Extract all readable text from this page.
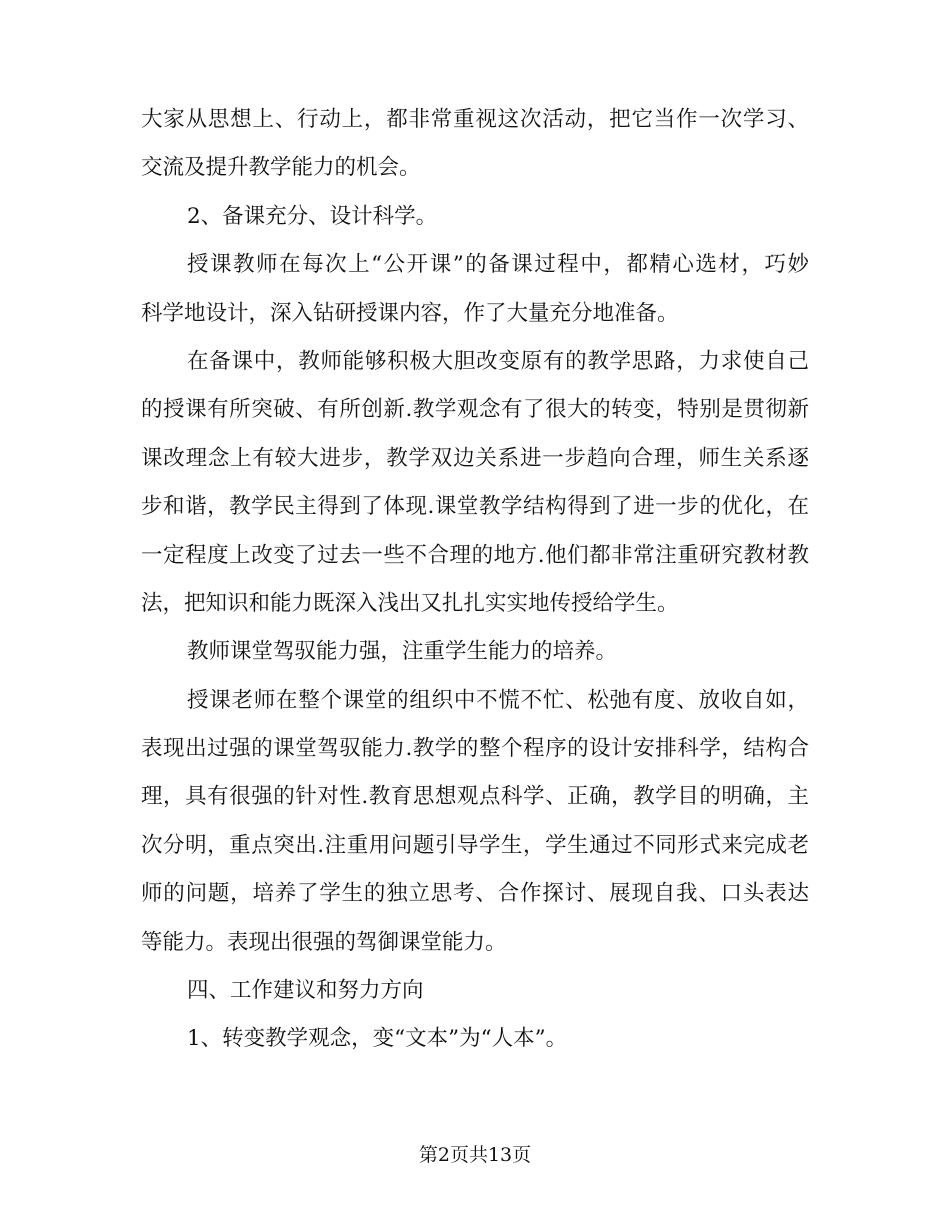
大家从思想上、行动上，都非常重视这次活动，把它当作一次学习、
交流及提升教学能力的机会。
2、备课充分、设计科学。
授课教师在每次上“公开课”的备课过程中，都精心选材，巧妙
科学地设计，深入钻研授课内容，作了大量充分地准备。
在备课中，教师能够积极大胆改变原有的教学思路，力求使自己
的授课有所突破、有所创新.教学观念有了很大的转变，特别是贯彻新
课改理念上有较大进步，教学双边关系进一步趋向合理，师生关系逐
步和谐，教学民主得到了体现.课堂教学结构得到了进一步的优化，在
一定程度上改变了过去一些不合理的地方.他们都非常注重研究教材教
法，把知识和能力既深入浅出又扎扎实实地传授给学生。
教师课堂驾驭能力强，注重学生能力的培养。
授课老师在整个课堂的组织中不慌不忙、松弛有度、放收自如，
表现出过强的课堂驾驭能力.教学的整个程序的设计安排科学，结构合
理，具有很强的针对性.教育思想观点科学、正确，教学目的明确，主
次分明，重点突出.注重用问题引导学生，学生通过不同形式来完成老
师的问题，培养了学生的独立思考、合作探讨、展现自我、口头表达
等能力。表现出很强的驾御课堂能力。
四、工作建议和努力方向
1、转变教学观念，变“文本”为“人本”。
第2页共13页
